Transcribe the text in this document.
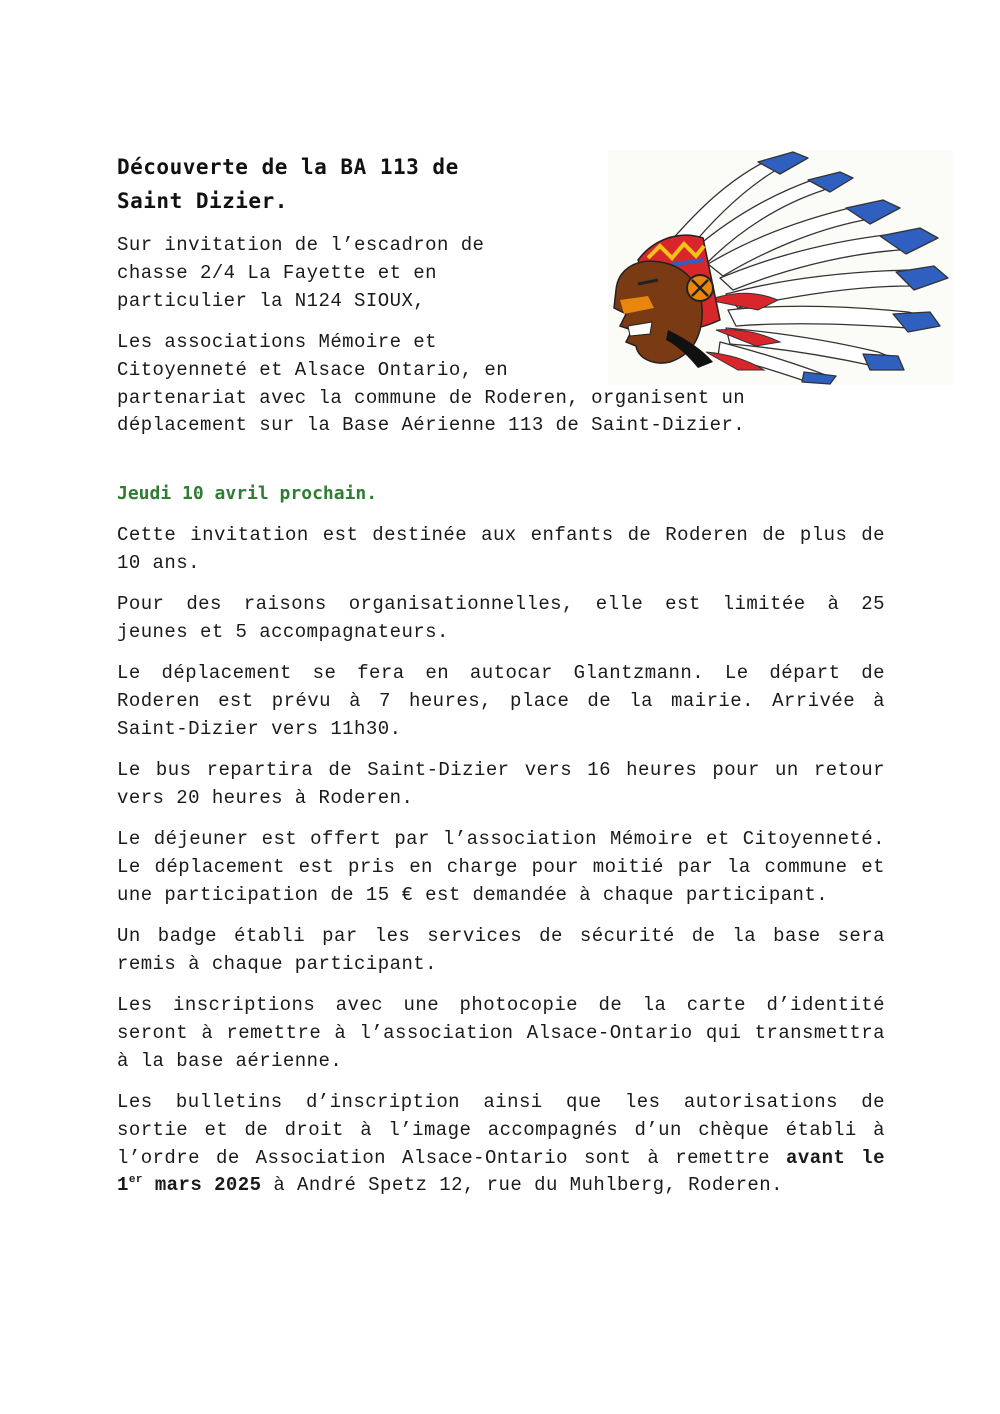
Découverte de la BA 113 de
Saint Dizier.
Sur invitation de l’escadron de
chasse 2/4 La Fayette et en
particulier la N124 SIOUX,
Les associations Mémoire et
Citoyenneté et Alsace Ontario, en
partenariat avec la commune de Roderen, organisent un
déplacement sur la Base Aérienne 113 de Saint-Dizier.
Jeudi 10 avril prochain.

Cette invitation est destinée aux enfants de Roderen de plus de 10 ans.

Pour des raisons organisationnelles, elle est limitée à 25 jeunes et 5 accompagnateurs.

Le déplacement se fera en autocar Glantzmann. Le départ de Roderen est prévu à 7 heures, place de la mairie. Arrivée à Saint-Dizier vers 11h30.

Le bus repartira de Saint-Dizier vers 16 heures pour un retour vers 20 heures à Roderen.

Le déjeuner est offert par l’association Mémoire et Citoyenneté. Le déplacement est pris en charge pour moitié par la commune et une participation de 15 € est demandée à chaque participant.

Un badge établi par les services de sécurité de la base sera remis à chaque participant.

Les inscriptions avec une photocopie de la carte d’identité seront à remettre à l’association Alsace-Ontario qui transmettra à la base aérienne.

Les bulletins d’inscription ainsi que les autorisations de sortie et de droit à l’image accompagnés d’un chèque établi à l’ordre de Association Alsace-Ontario sont à remettre avant le 1er mars 2025 à André Spetz 12, rue du Muhlberg, Roderen.
